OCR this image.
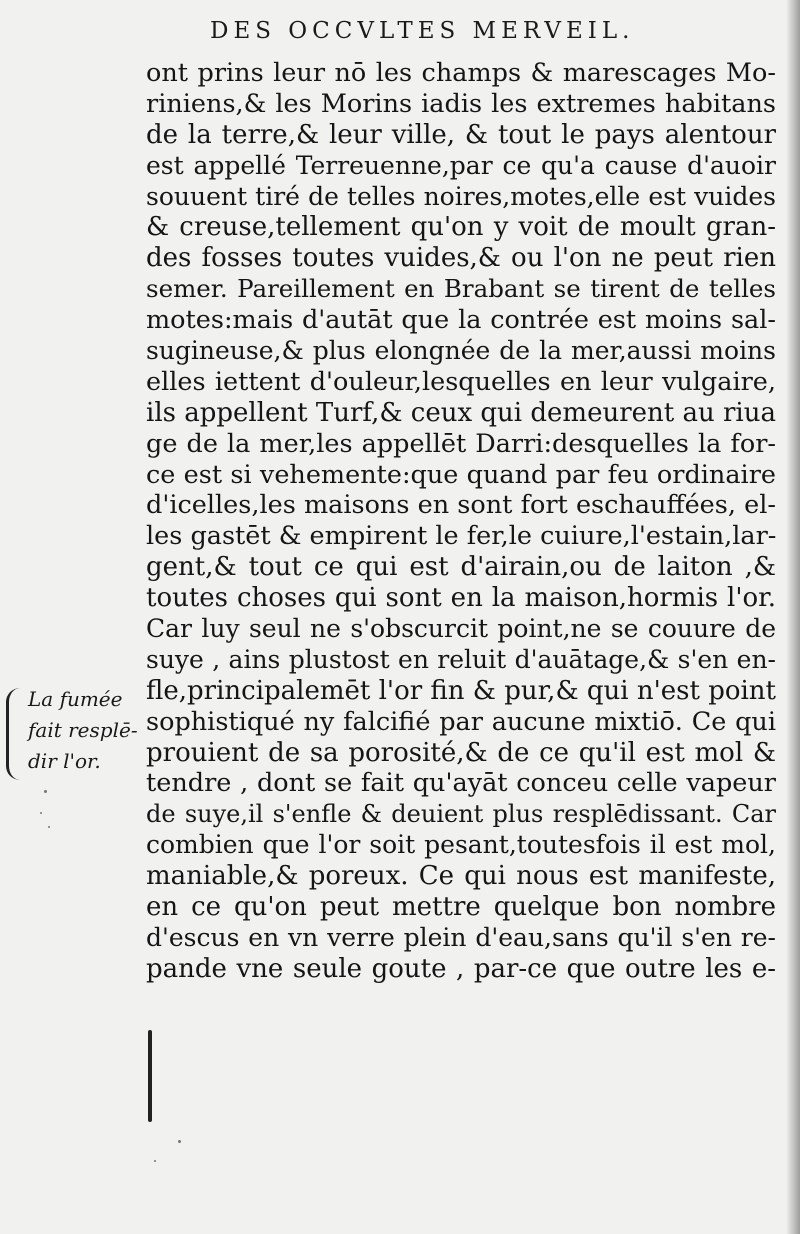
DES OCCVLTES MERVEIL.
La fumée
fait resplē-
dir l'or.
ont prins leur nō les champs & marescages Mo-
riniens,& les Morins iadis les extremes habitans
de la terre,& leur ville, & tout le pays alentour
est appellé Terreuenne,par ce qu'a cause d'auoir
souuent tiré de telles noires,motes,elle est vuides
& creuse,tellement qu'on y voit de moult gran-
des fosses toutes vuides,& ou l'on ne peut rien
semer. Pareillement en Brabant se tirent de telles
motes:mais d'autāt que la contrée est moins sal-
sugineuse,& plus elongnée de la mer,aussi moins
elles iettent d'ouleur,lesquelles en leur vulgaire,
ils appellent Turf,& ceux qui demeurent au riua
ge de la mer,les appellēt Darri:desquelles la for-
ce est si vehemente:que quand par feu ordinaire
d'icelles,les maisons en sont fort eschauffées, el-
les gastēt & empirent le fer,le cuiure,l'estain,lar-
gent,& tout ce qui est d'airain,ou de laiton ,&
toutes choses qui sont en la maison,hormis l'or.
Car luy seul ne s'obscurcit point,ne se couure de
suye , ains plustost en reluit d'auātage,& s'en en-
fle,principalemēt l'or fin & pur,& qui n'est point
sophistiqué ny falcifié par aucune mixtiō. Ce qui
prouient de sa porosité,& de ce qu'il est mol &
tendre , dont se fait qu'ayāt conceu celle vapeur
de suye,il s'enfle & deuient plus resplēdissant. Car
combien que l'or soit pesant,toutesfois il est mol,
maniable,& poreux. Ce qui nous est manifeste,
en ce qu'on peut mettre quelque bon nombre
d'escus en vn verre plein d'eau,sans qu'il s'en re-
pande vne seule goute , par-ce que outre les e-
